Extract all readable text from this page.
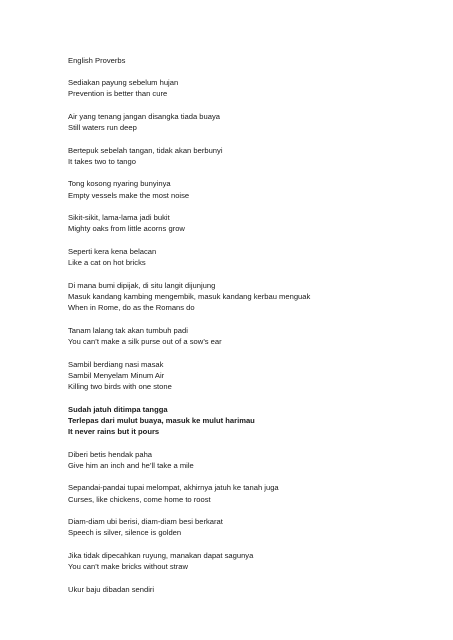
English Proverbs
Sediakan payung sebelum hujan
Prevention is better than cure
Air yang tenang jangan disangka tiada buaya
Still waters run deep
Bertepuk sebelah tangan, tidak akan berbunyi
It takes two to tango
Tong kosong nyaring bunyinya
Empty vessels make the most noise
Sikit-sikit, lama-lama jadi bukit
Mighty oaks from little acorns grow
Seperti kera kena belacan
Like a cat on hot bricks
Di mana bumi dipijak, di situ langit dijunjung
Masuk kandang kambing mengembik, masuk kandang kerbau menguak
When in Rome, do as the Romans do
Tanam lalang tak akan tumbuh padi
You can’t make a silk purse out of a sow’s ear
Sambil berdiang nasi masak
Sambil Menyelam Minum Air
Killing two birds with one stone
Sudah jatuh ditimpa tangga
Terlepas dari mulut buaya, masuk ke mulut harimau
It never rains but it pours
Diberi betis hendak paha
Give him an inch and he’ll take a mile
Sepandai-pandai tupai melompat, akhirnya jatuh ke tanah juga
Curses, like chickens, come home to roost
Diam-diam ubi berisi, diam-diam besi berkarat
Speech is silver, silence is golden
Jika tidak dipecahkan ruyung, manakan dapat sagunya
You can’t make bricks without straw
Ukur baju dibadan sendiri
